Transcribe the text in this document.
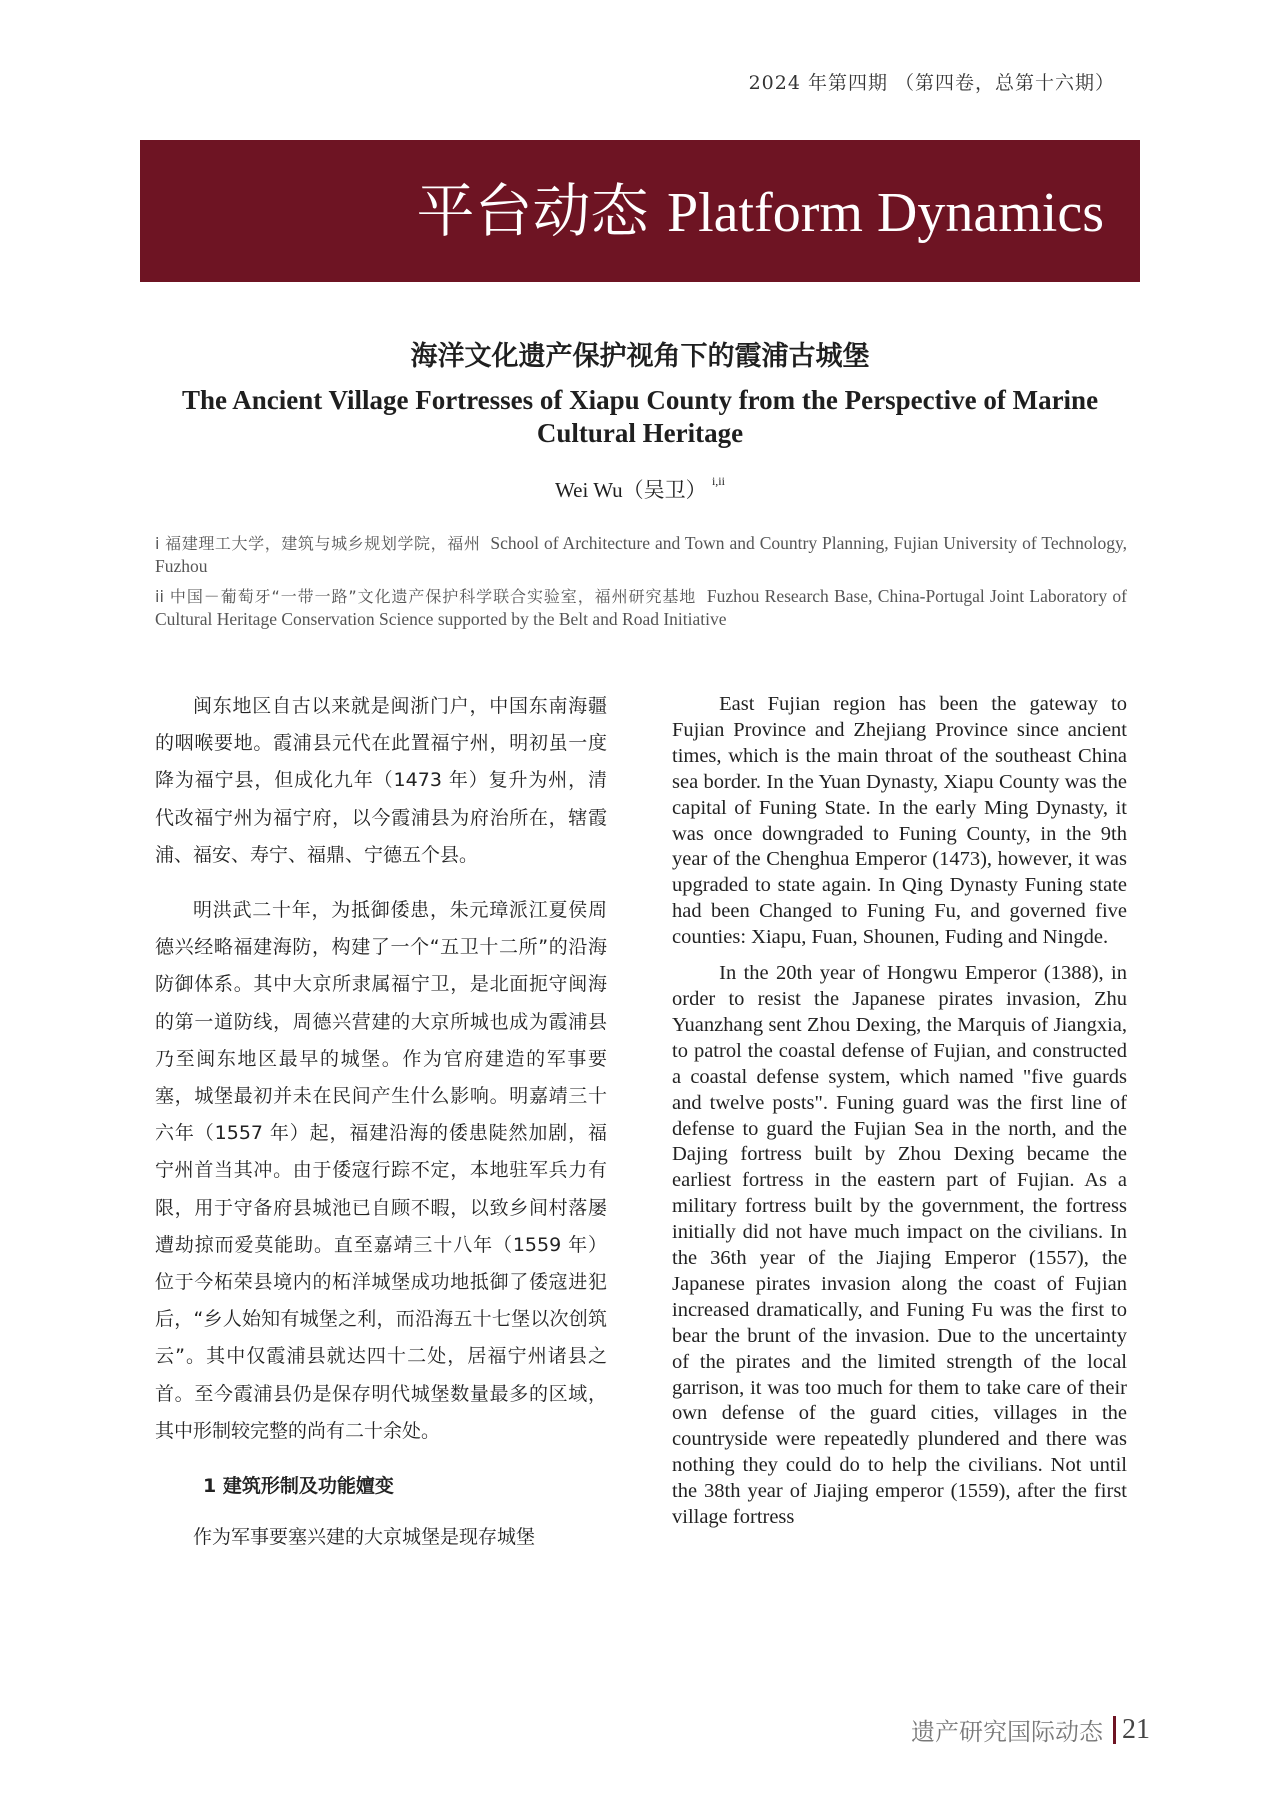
2024 年第四期 （第四卷，总第十六期）
平台动态 Platform Dynamics
海洋文化遗产保护视角下的霞浦古城堡
The Ancient Village Fortresses of Xiapu County from the Perspective of Marine Cultural Heritage
Wei Wu（吴卫） $^{i,ii}$
i 福建理工大学，建筑与城乡规划学院，福州 School of Architecture and Town and Country Planning, Fujian University of Technology, Fuzhou
ii 中国－葡萄牙“一带一路”文化遗产保护科学联合实验室，福州研究基地 Fuzhou Research Base, China-Portugal Joint Laboratory of Cultural Heritage Conservation Science supported by the Belt and Road Initiative

闽东地区自古以来就是闽浙门户，中国东南海疆的咽喉要地。霞浦县元代在此置福宁州，明初虽一度降为福宁县，但成化九年（1473 年）复升为州，清代改福宁州为福宁府，以今霞浦县为府治所在，辖霞浦、福安、寿宁、福鼎、宁德五个县。

明洪武二十年，为抵御倭患，朱元璋派江夏侯周德兴经略福建海防，构建了一个“五卫十二所”的沿海防御体系。其中大京所隶属福宁卫，是北面扼守闽海的第一道防线，周德兴营建的大京所城也成为霞浦县乃至闽东地区最早的城堡。作为官府建造的军事要塞，城堡最初并未在民间产生什么影响。明嘉靖三十六年（1557 年）起，福建沿海的倭患陡然加剧，福宁州首当其冲。由于倭寇行踪不定，本地驻军兵力有限，用于守备府县城池已自顾不暇，以致乡间村落屡遭劫掠而爱莫能助。直至嘉靖三十八年（1559 年）位于今柘荣县境内的柘洋城堡成功地抵御了倭寇进犯后，“乡人始知有城堡之利，而沿海五十七堡以次创筑云”。其中仅霞浦县就达四十二处，居福宁州诸县之首。至今霞浦县仍是保存明代城堡数量最多的区域，其中形制较完整的尚有二十余处。

1 建筑形制及功能嬗变

作为军事要塞兴建的大京城堡是现存城堡

East Fujian region has been the gateway to Fujian Province and Zhejiang Province since ancient times, which is the main throat of the southeast China sea border. In the Yuan Dynasty, Xiapu County was the capital of Funing State. In the early Ming Dynasty, it was once downgraded to Funing County, in the 9th year of the Chenghua Emperor (1473), however, it was upgraded to state again. In Qing Dynasty Funing state had been Changed to Funing Fu, and governed five counties: Xiapu, Fuan, Shounen, Fuding and Ningde.

In the 20th year of Hongwu Emperor (1388), in order to resist the Japanese pirates invasion, Zhu Yuanzhang sent Zhou Dexing, the Marquis of Jiangxia, to patrol the coastal defense of Fujian, and constructed a coastal defense system, which named "five guards and twelve posts". Funing guard was the first line of defense to guard the Fujian Sea in the north, and the Dajing fortress built by Zhou Dexing became the earliest fortress in the eastern part of Fujian. As a military fortress built by the government, the fortress initially did not have much impact on the civilians. In the 36th year of the Jiajing Emperor (1557), the Japanese pirates invasion along the coast of Fujian increased dramatically, and Funing Fu was the first to bear the brunt of the invasion. Due to the uncertainty of the pirates and the limited strength of the local garrison, it was too much for them to take care of their own defense of the guard cities, villages in the countryside were repeatedly plundered and there was nothing they could do to help the civilians. Not until the 38th year of Jiajing emperor (1559), after the first village fortress

遗产研究国际动态 21
